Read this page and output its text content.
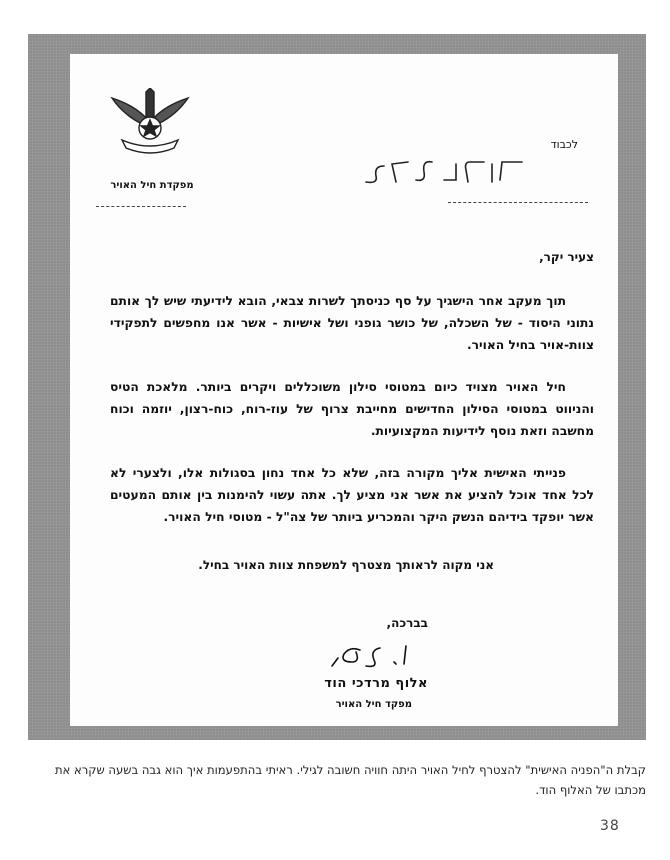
מפקדת חיל האויר
לכבוד
צעיר יקר,

תוך מעקב אחר הישגיך על סף כניסתך לשרות צבאי, הובא לידיעתי שיש לך אותם נתוני היסוד - של השכלה, של כושר גופני ושל אישיות - אשר אנו מחפשים לתפקידי צוות-אויר בחיל האויר.

חיל האויר מצויד כיום במטוסי סילון משוכללים ויקרים ביותר. מלאכת הטיס והניווט במטוסי הסילון החדישים מחייבת צרוף של עוז-רוח, כוח-רצון, יוזמה וכוח מחשבה וזאת נוסף לידיעות המקצועיות.

פנייתי האישית אליך מקורה בזה, שלא כל אחד נחון בסגולות אלו, ולצערי לא לכל אחד אוכל להציע את אשר אני מציע לך. אתה עשוי להימנות בין אותם המעטים אשר יופקד בידיהם הנשק היקר והמכריע ביותר של צה"ל - מטוסי חיל האויר.

אני מקוה לראותך מצטרף למשפחת צוות האויר בחיל.
בברכה,
אלוף מרדכי הוד
מפקד חיל האויר
קבלת ה"הפניה האישית" להצטרף לחיל האויר היתה חוויה חשובה לגילי. ראיתי בהתפעמות איך הוא גבה בשעה שקרא את מכתבו של האלוף הוד.
38
